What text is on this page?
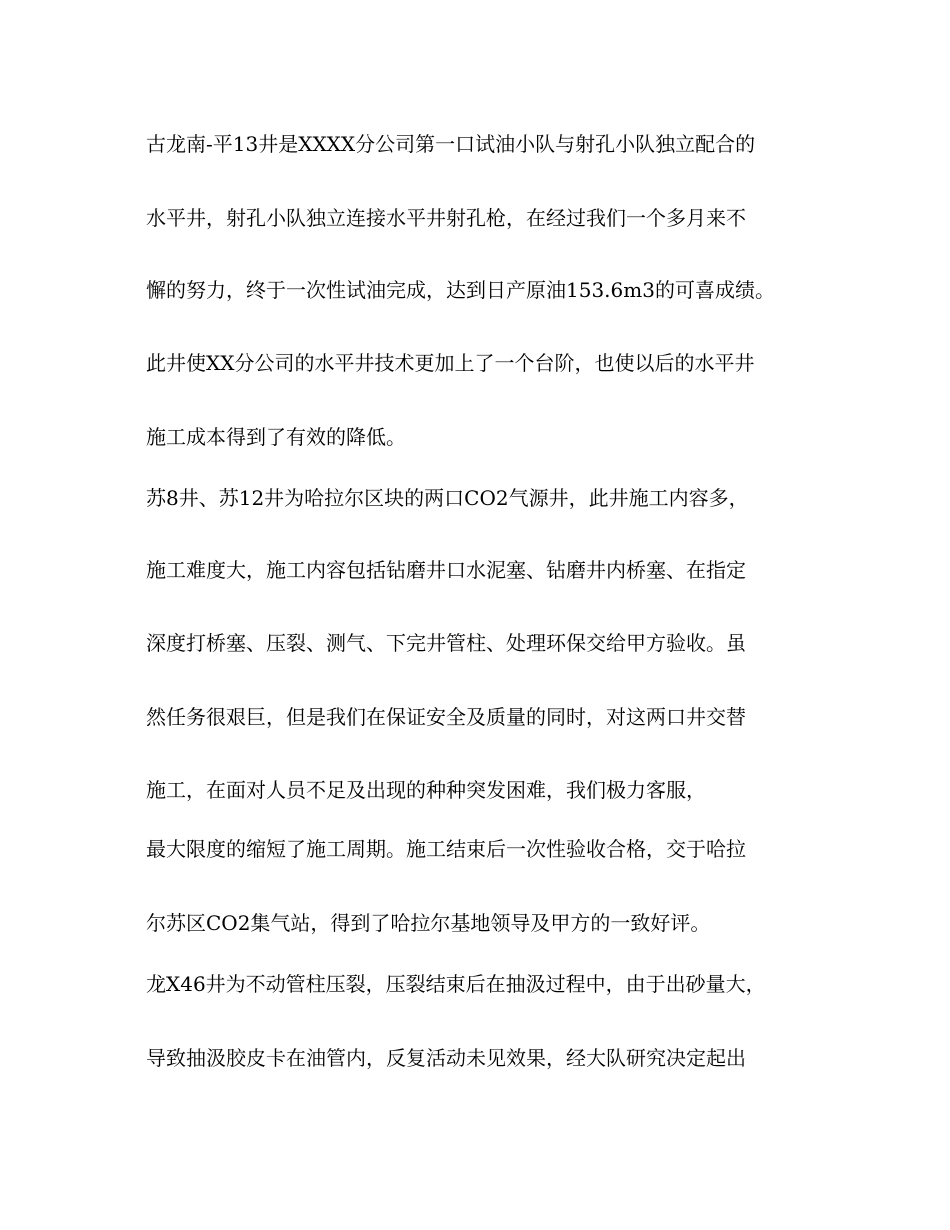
古龙南-平13井是XXXX分公司第一口试油小队与射孔小队独立配合的
水平井，射孔小队独立连接水平井射孔枪，在经过我们一个多月来不
懈的努力，终于一次性试油完成，达到日产原油153.6m3的可喜成绩。
此井使XX分公司的水平井技术更加上了一个台阶，也使以后的水平井
施工成本得到了有效的降低。
苏8井、苏12井为哈拉尔区块的两口CO2气源井，此井施工内容多，
施工难度大，施工内容包括钻磨井口水泥塞、钻磨井内桥塞、在指定
深度打桥塞、压裂、测气、下完井管柱、处理环保交给甲方验收。虽
然任务很艰巨，但是我们在保证安全及质量的同时，对这两口井交替
施工，在面对人员不足及出现的种种突发困难，我们极力客服，
最大限度的缩短了施工周期。施工结束后一次性验收合格，交于哈拉
尔苏区CO2集气站，得到了哈拉尔基地领导及甲方的一致好评。
龙X46井为不动管柱压裂，压裂结束后在抽汲过程中，由于出砂量大，
导致抽汲胶皮卡在油管内，反复活动未见效果，经大队研究决定起出
